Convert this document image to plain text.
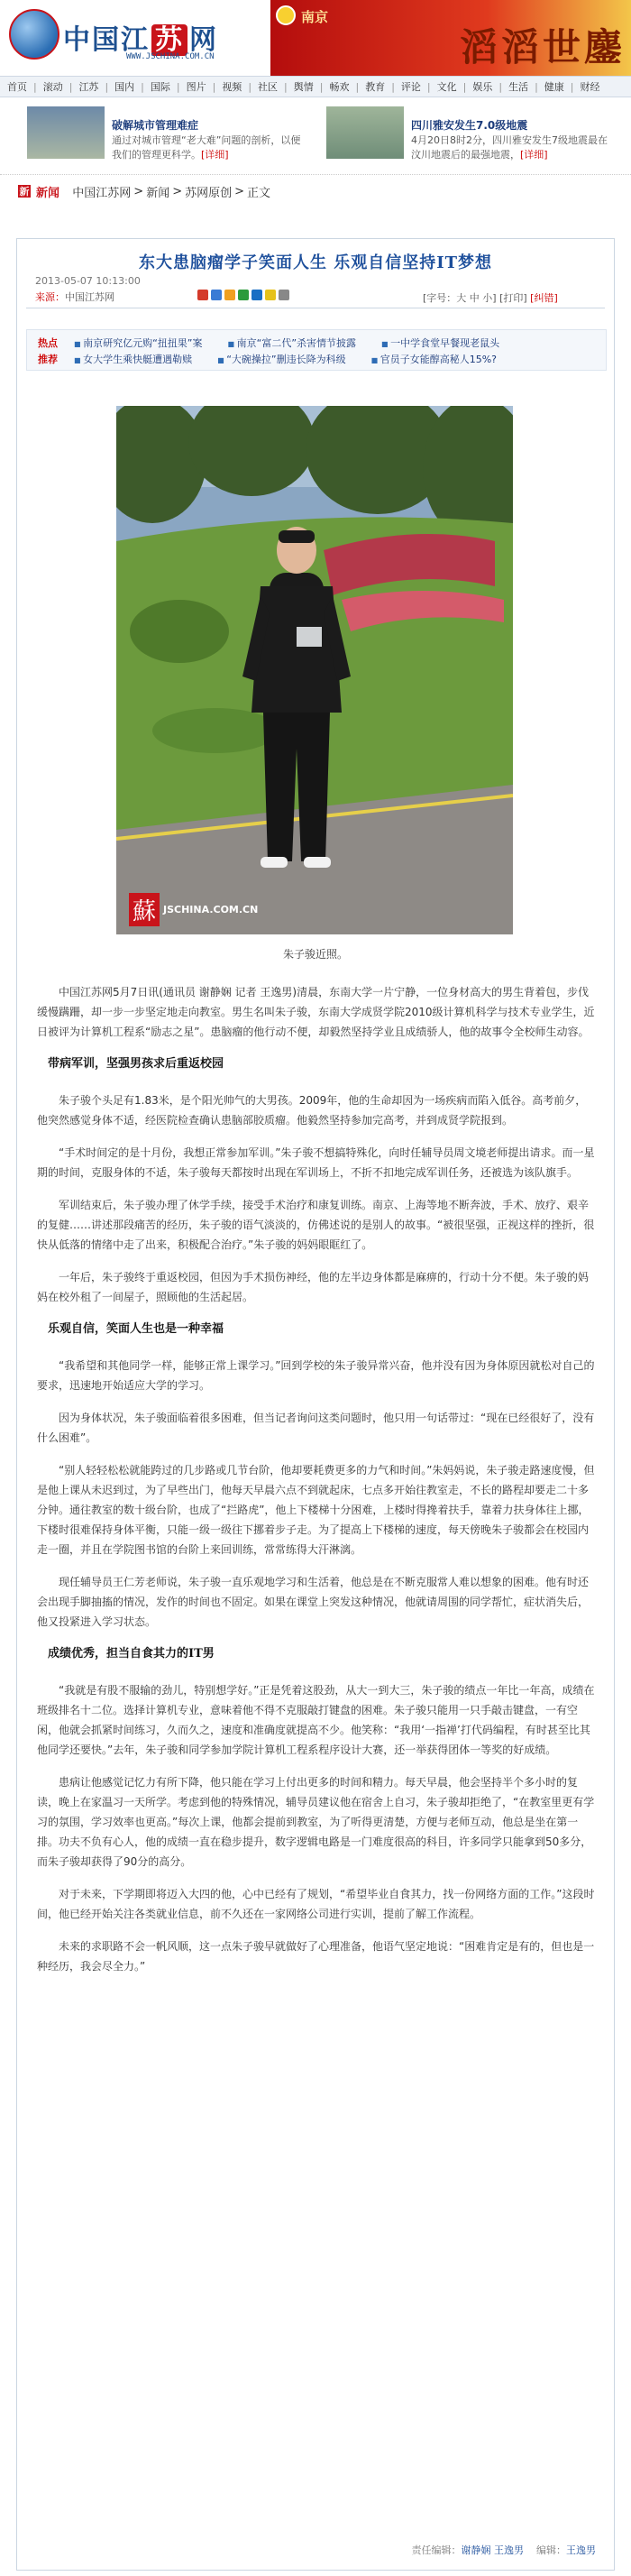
中国江 苏 网
WWW.JSCHINA.COM.CN
南京
滔滔世鏖
首页 | 滚动 | 江苏 | 国内 | 国际 | 图片 | 视频 | 社区 | 舆情 | 畅欢 | 教育 | 评论 | 文化 | 娱乐 | 生活 | 健康 | 财经
破解城市管理难症
通过对城市管理“老大难”问题的剖析，以便我们的管理更科学。[详细]
四川雅安发生7.0级地震
4月20日8时2分，四川雅安发生7级地震最在汶川地震后的最强地震，[详细]
新 新闻
中国江苏网 > 新闻 > 苏网原创 > 正文
东大患脑瘤学子笑面人生 乐观自信坚持IT梦想
2013-05-07 10:13:00
来源：中国江苏网	[字号：大 中 小] [打印] [纠错]
热点	■ 南京研究亿元购“扭扭果”案	■ 南京“富二代”杀害情节披露	■ 一中学食堂早餐现老鼠头
推荐	■ 女大学生乘快艇遭遇勒赎	■ “大碗操拉”删违长降为科级	■ 官员子女能醇高秘人15%?
蘇 JSCHINA.COM.CN
朱子骏近照。

中国江苏网5月7日讯(通讯员 谢静娴 记者 王逸男)清晨，东南大学一片宁静，一位身材高大的男生背着包，步伐缓慢蹒跚，却一步一步坚定地走向教室。男生名叫朱子骏，东南大学成贤学院2010级计算机科学与技术专业学生，近日被评为计算机工程系“励志之星”。患脑瘤的他行动不便，却毅然坚持学业且成绩骄人，他的故事令全校师生动容。

带病军训，坚强男孩求后重返校园

朱子骏个头足有1.83米，是个阳光帅气的大男孩。2009年，他的生命却因为一场疾病而陷入低谷。高考前夕，他突然感觉身体不适，经医院检查确认患脑部胶质瘤。他毅然坚持参加完高考，并到成贤学院报到。

“手术时间定的是十月份，我想正常参加军训。”朱子骏不想搞特殊化，向时任辅导员周文境老师提出请求。而一星期的时间，克服身体的不适，朱子骏每天都按时出现在军训场上，不折不扣地完成军训任务，还被选为该队旗手。

军训结束后，朱子骏办理了休学手续，接受手术治疗和康复训练。南京、上海等地不断奔波，手术、放疗、艰辛的复健……讲述那段痛苦的经历，朱子骏的语气淡淡的，仿佛述说的是别人的故事。“被很坚强，正视这样的挫折，很快从低落的情绪中走了出来，积极配合治疗。”朱子骏的妈妈眼眶红了。

一年后，朱子骏终于重返校园，但因为手术损伤神经，他的左半边身体都是麻痹的，行动十分不便。朱子骏的妈妈在校外租了一间屋子，照顾他的生活起居。

乐观自信，笑面人生也是一种幸福

“我希望和其他同学一样，能够正常上课学习。”回到学校的朱子骏异常兴奋，他并没有因为身体原因就松对自己的要求，迅速地开始适应大学的学习。

因为身体状况，朱子骏面临着很多困难，但当记者询问这类问题时，他只用一句话带过：“现在已经很好了，没有什么困难”。

“别人轻轻松松就能跨过的几步路或几节台阶，他却要耗费更多的力气和时间。”朱妈妈说，朱子骏走路速度慢，但是他上课从未迟到过，为了早些出门，他每天早晨六点不到就起床，七点多开始往教室走，不长的路程却要走二十多分钟。通往教室的数十级台阶，也成了“拦路虎”，他上下楼梯十分困难，上楼时得搀着扶手，靠着力扶身体往上挪，下楼时很难保持身体平衡，只能一级一级往下挪着步子走。为了提高上下楼梯的速度，每天傍晚朱子骏都会在校园内走一圈，并且在学院图书馆的台阶上来回训练，常常练得大汗淋漓。

现任辅导员王仁芳老师说，朱子骏一直乐观地学习和生活着，他总是在不断克服常人难以想象的困难。他有时还会出现手脚抽搐的情况，发作的时间也不固定。如果在课堂上突发这种情况，他就请周围的同学帮忙，症状消失后，他又投紧进入学习状态。

成绩优秀，担当自食其力的IT男

“我就是有股不服输的劲儿，特别想学好。”正是凭着这股劲，从大一到大三，朱子骏的绩点一年比一年高，成绩在班级排名十二位。选择计算机专业，意味着他不得不克服敲打键盘的困难。朱子骏只能用一只手敲击键盘，一有空闲，他就会抓紧时间练习，久而久之，速度和准确度就提高不少。他笑称：“我用‘一指禅’打代码编程，有时甚至比其他同学还要快。”去年，朱子骏和同学参加学院计算机工程系程序设计大赛，还一举获得团体一等奖的好成绩。

患病让他感觉记忆力有所下降，他只能在学习上付出更多的时间和精力。每天早晨，他会坚持半个多小时的复读，晚上在家温习一天所学。考虑到他的特殊情况，辅导员建议他在宿舍上自习，朱子骏却拒绝了，“在教室里更有学习的氛围，学习效率也更高。”每次上课，他都会提前到教室，为了听得更清楚，方便与老师互动，他总是坐在第一排。功夫不负有心人，他的成绩一直在稳步提升，数字逻辑电路是一门难度很高的科目，许多同学只能拿到50多分，而朱子骏却获得了90分的高分。

对于未来，下学期即将迈入大四的他，心中已经有了规划，“希望毕业自食其力，找一份网络方面的工作。”这段时间，他已经开始关注各类就业信息，前不久还在一家网络公司进行实训，提前了解工作流程。

未来的求职路不会一帆风顺，这一点朱子骏早就做好了心理准备，他语气坚定地说：“困难肯定是有的，但也是一种经历，我会尽全力。”

责任编辑：谢静娴 王逸男 编辑：王逸男
